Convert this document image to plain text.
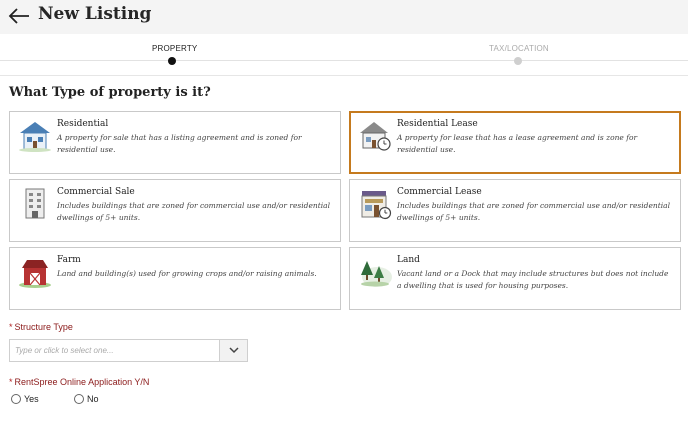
New Listing
PROPERTY	TAX/LOCATION
What Type of property is it?
Residential
A property for sale that has a listing agreement and is zoned for residential use.
Residential Lease
A property for lease that has a lease agreement and is zone for residential use.
Commercial Sale
Includes buildings that are zoned for commercial use and/or residential dwellings of 5+ units.
Commercial Lease
Includes buildings that are zoned for commercial use and/or residential dwellings of 5+ units.
Farm
Land and building(s) used for growing crops and/or raising animals.
Land
Vacant land or a Dock that may include structures but does not include a dwelling that is used for housing purposes.
* Structure Type
Type or click to select one...
* RentSpree Online Application Y/N
Yes	No
